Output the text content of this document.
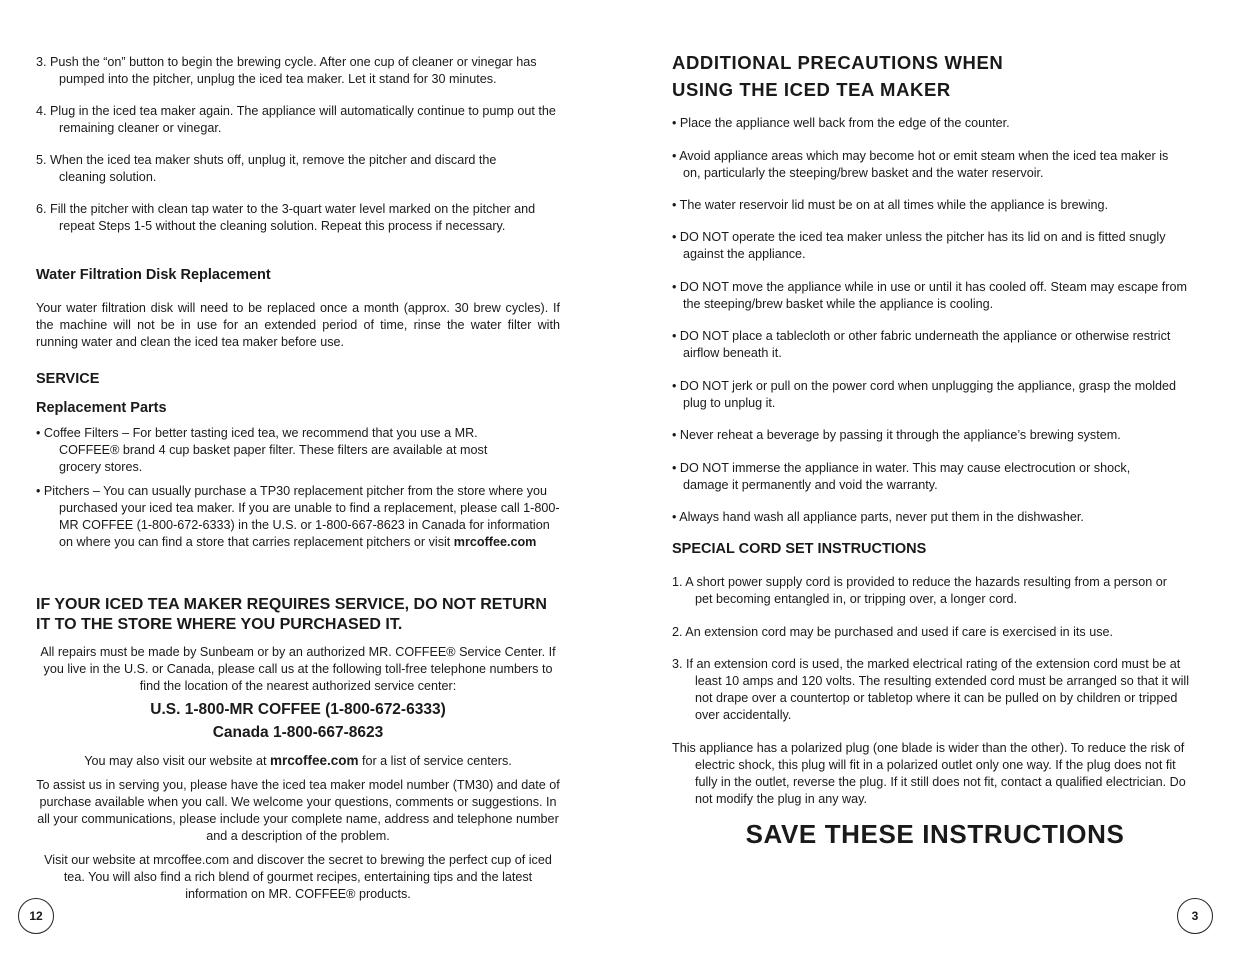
3. Push the “on” button to begin the brewing cycle. After one cup of cleaner or vinegar has pumped into the pitcher, unplug the iced tea maker. Let it stand for 30 minutes.

4. Plug in the iced tea maker again. The appliance will automatically continue to pump out the remaining cleaner or vinegar.

5. When the iced tea maker shuts off, unplug it, remove the pitcher and discard the cleaning solution.

6. Fill the pitcher with clean tap water to the 3-quart water level marked on the pitcher and repeat Steps 1-5 without the cleaning solution. Repeat this process if necessary.

Water Filtration Disk Replacement

Your water filtration disk will need to be replaced once a month (approx. 30 brew cycles). If the machine will not be in use for an extended period of time, rinse the water filter with running water and clean the iced tea maker before use.

SERVICE
Replacement Parts

• Coffee Filters – For better tasting iced tea, we recommend that you use a MR. COFFEE® brand 4 cup basket paper filter. These filters are available at most grocery stores.

• Pitchers – You can usually purchase a TP30 replacement pitcher from the store where you purchased your iced tea maker. If you are unable to find a replacement, please call 1-800-MR COFFEE (1-800-672-6333) in the U.S. or 1-800-667-8623 in Canada for information on where you can find a store that carries replacement pitchers or visit mrcoffee.com

IF YOUR ICED TEA MAKER REQUIRES SERVICE, DO NOT RETURN IT TO THE STORE WHERE YOU PURCHASED IT.

All repairs must be made by Sunbeam or by an authorized MR. COFFEE® Service Center. If you live in the U.S. or Canada, please call us at the following toll-free telephone numbers to find the location of the nearest authorized service center:

U.S. 1-800-MR COFFEE (1-800-672-6333)

Canada 1-800-667-8623

You may also visit our website at mrcoffee.com for a list of service centers.

To assist us in serving you, please have the iced tea maker model number (TM30) and date of purchase available when you call. We welcome your questions, comments or suggestions. In all your communications, please include your complete name, address and telephone number and a description of the problem.

Visit our website at mrcoffee.com and discover the secret to brewing the perfect cup of iced tea. You will also find a rich blend of gourmet recipes, entertaining tips and the latest information on MR. COFFEE® products.

12

ADDITIONAL PRECAUTIONS WHEN

USING THE ICED TEA MAKER

• Place the appliance well back from the edge of the counter.

• Avoid appliance areas which may become hot or emit steam when the iced tea maker is on, particularly the steeping/brew basket and the water reservoir.

• The water reservoir lid must be on at all times while the appliance is brewing.

• DO NOT operate the iced tea maker unless the pitcher has its lid on and is fitted snugly against the appliance.

• DO NOT move the appliance while in use or until it has cooled off. Steam may escape from the steeping/brew basket while the appliance is cooling.

• DO NOT place a tablecloth or other fabric underneath the appliance or otherwise restrict airflow beneath it.

• DO NOT jerk or pull on the power cord when unplugging the appliance, grasp the molded plug to unplug it.

• Never reheat a beverage by passing it through the appliance’s brewing system.

• DO NOT immerse the appliance in water. This may cause electrocution or shock, damage it permanently and void the warranty.

• Always hand wash all appliance parts, never put them in the dishwasher.

SPECIAL CORD SET INSTRUCTIONS

1. A short power supply cord is provided to reduce the hazards resulting from a person or pet becoming entangled in, or tripping over, a longer cord.

2. An extension cord may be purchased and used if care is exercised in its use.

3. If an extension cord is used, the marked electrical rating of the extension cord must be at least 10 amps and 120 volts. The resulting extended cord must be arranged so that it will not drape over a countertop or tabletop where it can be pulled on by children or tripped over accidentally.

This appliance has a polarized plug (one blade is wider than the other). To reduce the risk of electric shock, this plug will fit in a polarized outlet only one way. If the plug does not fit fully in the outlet, reverse the plug. If it still does not fit, contact a qualified electrician. Do not modify the plug in any way.

SAVE THESE INSTRUCTIONS

3
